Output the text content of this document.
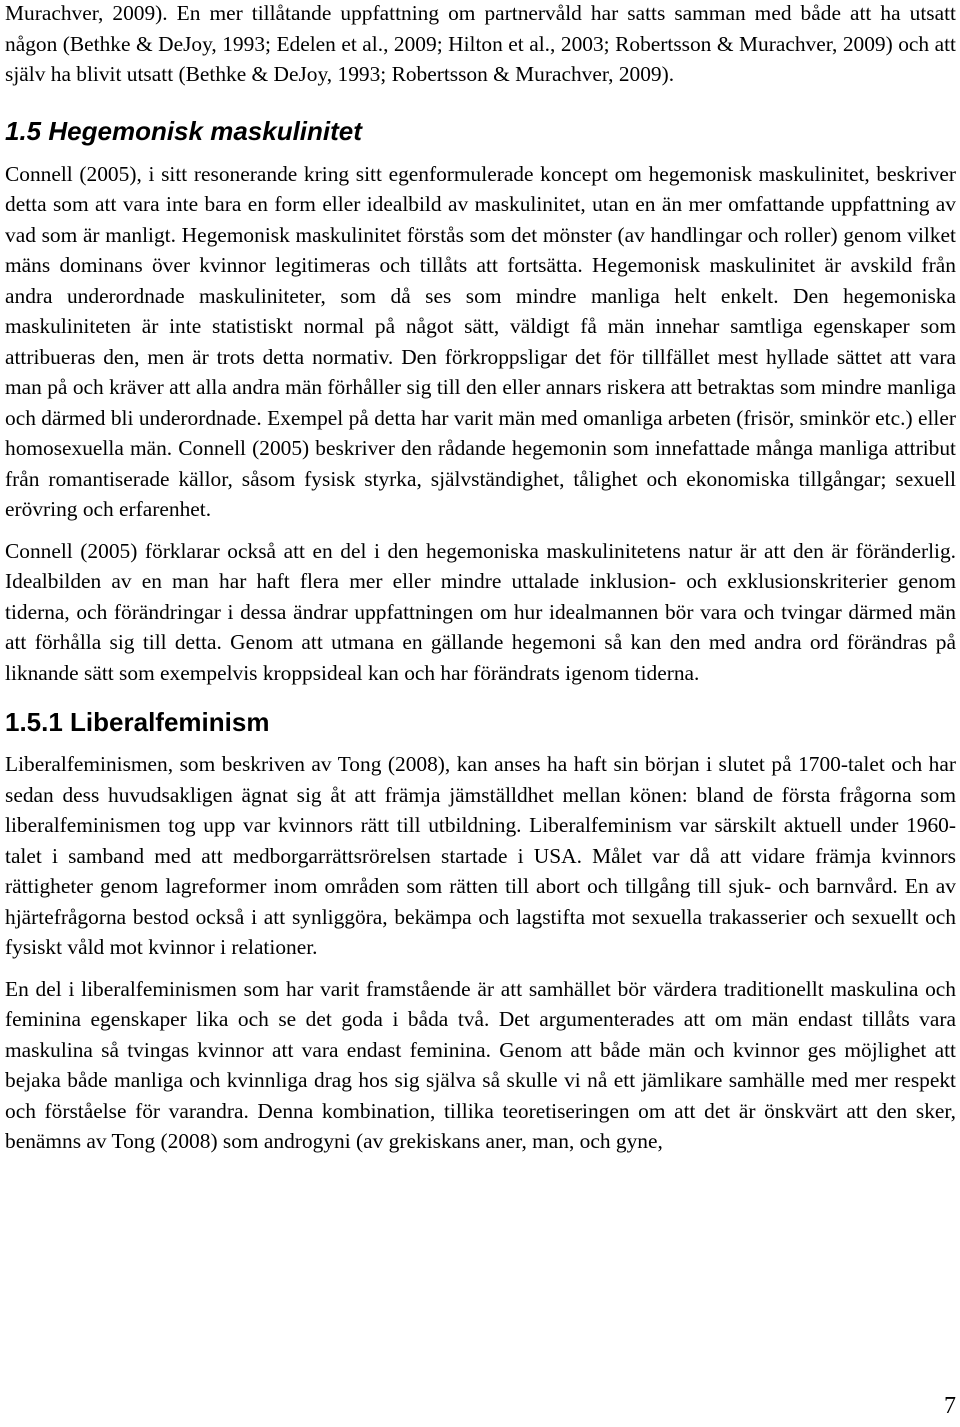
Murachver, 2009). En mer tillåtande uppfattning om partnervåld har satts samman med både att ha utsatt någon (Bethke & DeJoy, 1993; Edelen et al., 2009; Hilton et al., 2003; Robertsson & Murachver, 2009) och att själv ha blivit utsatt (Bethke & DeJoy, 1993; Robertsson & Murachver, 2009).

1.5 Hegemonisk maskulinitet

Connell (2005), i sitt resonerande kring sitt egenformulerade koncept om hegemonisk maskulinitet, beskriver detta som att vara inte bara en form eller idealbild av maskulinitet, utan en än mer omfattande uppfattning av vad som är manligt. Hegemonisk maskulinitet förstås som det mönster (av handlingar och roller) genom vilket mäns dominans över kvinnor legitimeras och tillåts att fortsätta. Hegemonisk maskulinitet är avskild från andra underordnade maskuliniteter, som då ses som mindre manliga helt enkelt. Den hegemoniska maskuliniteten är inte statistiskt normal på något sätt, väldigt få män innehar samtliga egenskaper som attribueras den, men är trots detta normativ. Den förkroppsligar det för tillfället mest hyllade sättet att vara man på och kräver att alla andra män förhåller sig till den eller annars riskera att betraktas som mindre manliga och därmed bli underordnade. Exempel på detta har varit män med omanliga arbeten (frisör, sminkör etc.) eller homosexuella män. Connell (2005) beskriver den rådande hegemonin som innefattade många manliga attribut från romantiserade källor, såsom fysisk styrka, självständighet, tålighet och ekonomiska tillgångar; sexuell erövring och erfarenhet.

Connell (2005) förklarar också att en del i den hegemoniska maskulinitetens natur är att den är föränderlig. Idealbilden av en man har haft flera mer eller mindre uttalade inklusion- och exklusionskriterier genom tiderna, och förändringar i dessa ändrar uppfattningen om hur idealmannen bör vara och tvingar därmed män att förhålla sig till detta. Genom att utmana en gällande hegemoni så kan den med andra ord förändras på liknande sätt som exempelvis kroppsideal kan och har förändrats igenom tiderna.

1.5.1 Liberalfeminism

Liberalfeminismen, som beskriven av Tong (2008), kan anses ha haft sin början i slutet på 1700-talet och har sedan dess huvudsakligen ägnat sig åt att främja jämställdhet mellan könen: bland de första frågorna som liberalfeminismen tog upp var kvinnors rätt till utbildning. Liberalfeminism var särskilt aktuell under 1960-talet i samband med att medborgarrättsrörelsen startade i USA. Målet var då att vidare främja kvinnors rättigheter genom lagreformer inom områden som rätten till abort och tillgång till sjuk- och barnvård. En av hjärtefrågorna bestod också i att synliggöra, bekämpa och lagstifta mot sexuella trakasserier och sexuellt och fysiskt våld mot kvinnor i relationer.

En del i liberalfeminismen som har varit framstående är att samhället bör värdera traditionellt maskulina och feminina egenskaper lika och se det goda i båda två. Det argumenterades att om män endast tillåts vara maskulina så tvingas kvinnor att vara endast feminina. Genom att både män och kvinnor ges möjlighet att bejaka både manliga och kvinnliga drag hos sig själva så skulle vi nå ett jämlikare samhälle med mer respekt och förståelse för varandra. Denna kombination, tillika teoretiseringen om att det är önskvärt att den sker, benämns av Tong (2008) som androgyni (av grekiskans aner, man, och gyne,

7
